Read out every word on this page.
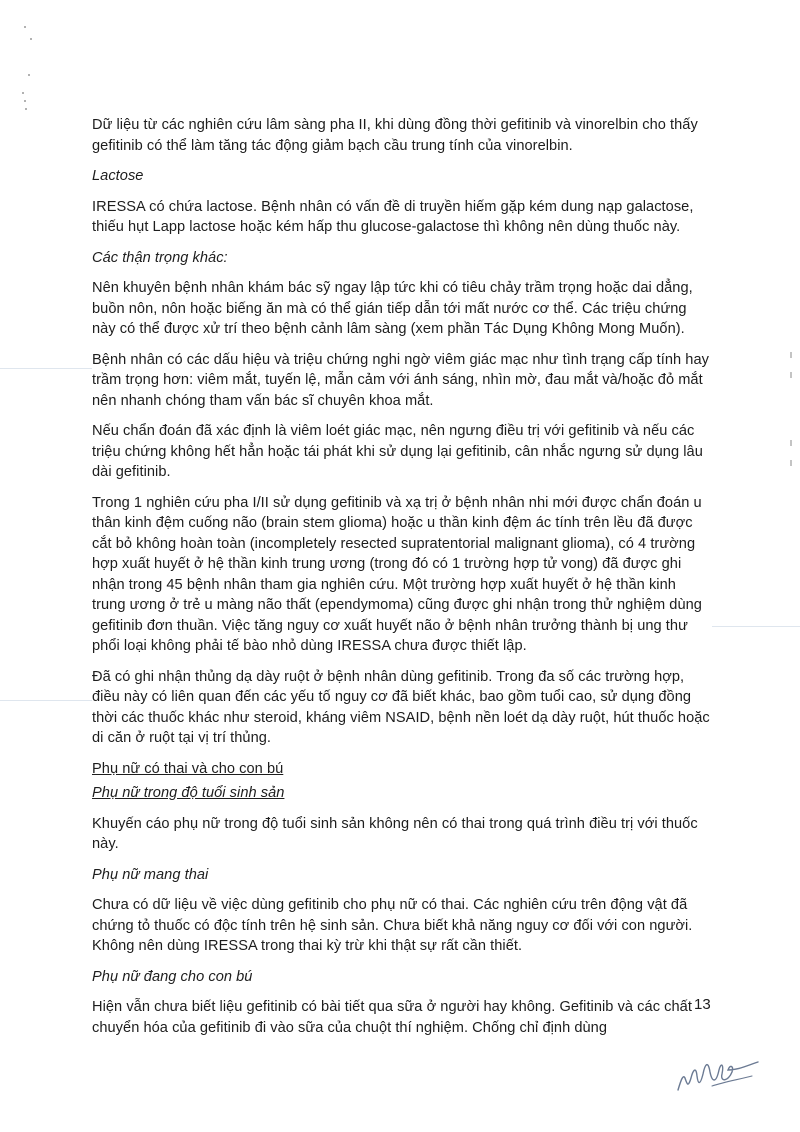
Dữ liệu từ các nghiên cứu lâm sàng pha II, khi dùng đồng thời gefitinib và vinorelbin cho thấy gefitinib có thể làm tăng tác động giảm bạch cầu trung tính của vinorelbin.

Lactose

IRESSA có chứa lactose. Bệnh nhân có vấn đề di truyền hiếm gặp kém dung nạp galactose, thiếu hụt Lapp lactose hoặc kém hấp thu glucose-galactose thì không nên dùng thuốc này.

Các thận trọng khác:

Nên khuyên bệnh nhân khám bác sỹ ngay lập tức khi có tiêu chảy trầm trọng hoặc dai dẳng, buồn nôn, nôn hoặc biếng ăn mà có thể gián tiếp dẫn tới mất nước cơ thể. Các triệu chứng này có thể được xử trí theo bệnh cảnh lâm sàng (xem phần Tác Dụng Không Mong Muốn).

Bệnh nhân có các dấu hiệu và triệu chứng nghi ngờ viêm giác mạc như tình trạng cấp tính hay trầm trọng hơn: viêm mắt, tuyến lệ, mẫn cảm với ánh sáng, nhìn mờ, đau mắt và/hoặc đỏ mắt nên nhanh chóng tham vấn bác sĩ chuyên khoa mắt.

Nếu chẩn đoán đã xác định là viêm loét giác mạc, nên ngưng điều trị với gefitinib và nếu các triệu chứng không hết hẳn hoặc tái phát khi sử dụng lại gefitinib, cân nhắc ngưng sử dụng lâu dài gefitinib.

Trong 1 nghiên cứu pha I/II sử dụng gefitinib và xạ trị ở bệnh nhân nhi mới được chẩn đoán u thân kinh đệm cuống não (brain stem glioma) hoặc u thần kinh đệm ác tính trên lều đã được cắt bỏ không hoàn toàn (incompletely resected supratentorial malignant glioma), có 4 trường hợp xuất huyết ở hệ thần kinh trung ương (trong đó có 1 trường hợp tử vong) đã được ghi nhận trong 45 bệnh nhân tham gia nghiên cứu. Một trường hợp xuất huyết ở hệ thần kinh trung ương ở trẻ u màng não thất (ependymoma) cũng được ghi nhận trong thử nghiệm dùng gefitinib đơn thuần. Việc tăng nguy cơ xuất huyết não ở bệnh nhân trưởng thành bị ung thư phổi loại không phải tế bào nhỏ dùng IRESSA chưa được thiết lập.

Đã có ghi nhận thủng dạ dày ruột ở bệnh nhân dùng gefitinib. Trong đa số các trường hợp, điều này có liên quan đến các yếu tố nguy cơ đã biết khác, bao gồm tuổi cao, sử dụng đồng thời các thuốc khác như steroid, kháng viêm NSAID, bệnh nền loét dạ dày ruột, hút thuốc hoặc di căn ở ruột tại vị trí thủng.

Phụ nữ có thai và cho con bú

Phụ nữ trong độ tuổi sinh sản

Khuyến cáo phụ nữ trong độ tuổi sinh sản không nên có thai trong quá trình điều trị với thuốc này.

Phụ nữ mang thai

Chưa có dữ liệu về việc dùng gefitinib cho phụ nữ có thai. Các nghiên cứu trên động vật đã chứng tỏ thuốc có độc tính trên hệ sinh sản. Chưa biết khả năng nguy cơ đối với con người. Không nên dùng IRESSA trong thai kỳ trừ khi thật sự rất cần thiết.

Phụ nữ đang cho con bú

Hiện vẫn chưa biết liệu gefitinib có bài tiết qua sữa ở người hay không. Gefitinib và các chất chuyển hóa của gefitinib đi vào sữa của chuột thí nghiệm. Chống chỉ định dùng

13
